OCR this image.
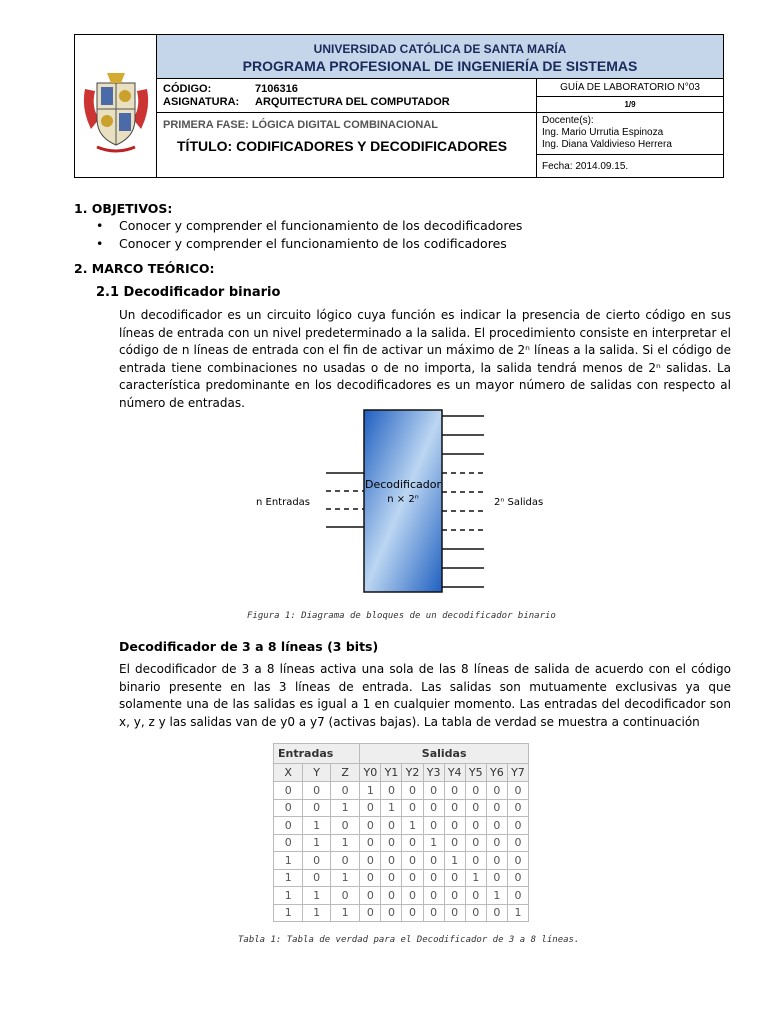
UNIVERSIDAD CATÓLICA DE SANTA MARÍA
PROGRAMA PROFESIONAL DE INGENIERÍA DE SISTEMAS
CÓDIGO:	7106316
ASIGNATURA: ARQUITECTURA DEL COMPUTADOR
GUÍA DE LABORATORIO N°03
1/9
PRIMERA FASE: LÓGICA DIGITAL COMBINACIONAL
TÍTULO: CODIFICADORES Y DECODIFICADORES
Docente(s):
Ing. Mario Urrutia Espinoza
Ing. Diana Valdivieso Herrera
Fecha: 2014.09.15.
1. OBJETIVOS:
• Conocer y comprender el funcionamiento de los decodificadores
• Conocer y comprender el funcionamiento de los codificadores
2. MARCO TEÓRICO:
2.1 Decodificador binario
Un decodificador es un circuito lógico cuya función es indicar la presencia de cierto código en sus líneas de entrada con un nivel predeterminado a la salida. El procedimiento consiste en interpretar el código de n líneas de entrada con el fin de activar un máximo de 2ⁿ líneas a la salida. Si el código de entrada tiene combinaciones no usadas o de no importa, la salida tendrá menos de 2ⁿ salidas. La característica predominante en los decodificadores es un mayor número de salidas con respecto al número de entradas.
Decodificador
n × 2ⁿ
n Entradas	2ⁿ Salidas
Figura 1: Diagrama de bloques de un decodificador binario
Decodificador de 3 a 8 líneas (3 bits)
El decodificador de 3 a 8 líneas activa una sola de las 8 líneas de salida de acuerdo con el código binario presente en las 3 líneas de entrada. Las salidas son mutuamente exclusivas ya que solamente una de las salidas es igual a 1 en cualquier momento. Las entradas del decodificador son x, y, z y las salidas van de y0 a y7 (activas bajas). La tabla de verdad se muestra a continuación
Entradas			Salidas							
X	Y	Z	Y0	Y1	Y2	Y3	Y4	Y5	Y6	Y7
0	0	0	1	0	0	0	0	0	0	0
0	0	1	0	1	0	0	0	0	0	0
0	1	0	0	0	1	0	0	0	0	0
0	1	1	0	0	0	1	0	0	0	0
1	0	0	0	0	0	0	1	0	0	0
1	0	1	0	0	0	0	0	1	0	0
1	1	0	0	0	0	0	0	0	1	0
1	1	1	0	0	0	0	0	0	0	1
Tabla 1: Tabla de verdad para el Decodificador de 3 a 8 líneas.
